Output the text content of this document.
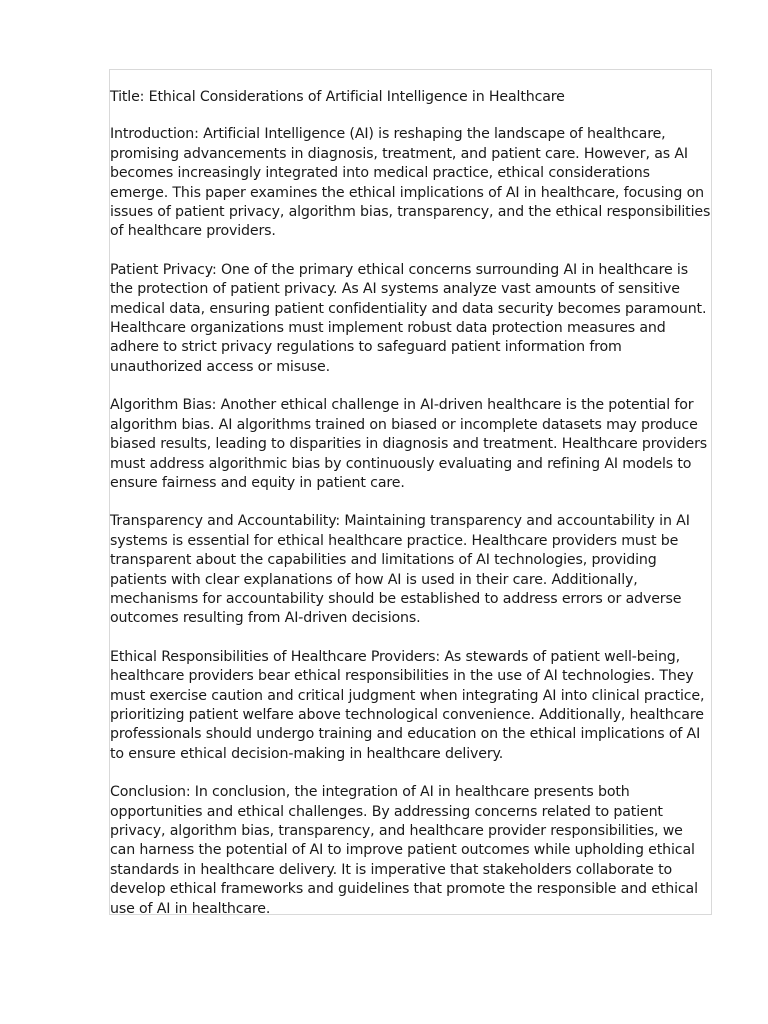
Title: Ethical Considerations of Artificial Intelligence in Healthcare

Introduction: Artificial Intelligence (AI) is reshaping the landscape of healthcare, promising advancements in diagnosis, treatment, and patient care. However, as AI becomes increasingly integrated into medical practice, ethical considerations emerge. This paper examines the ethical implications of AI in healthcare, focusing on issues of patient privacy, algorithm bias, transparency, and the ethical responsibilities of healthcare providers.

Patient Privacy: One of the primary ethical concerns surrounding AI in healthcare is the protection of patient privacy. As AI systems analyze vast amounts of sensitive medical data, ensuring patient confidentiality and data security becomes paramount. Healthcare organizations must implement robust data protection measures and adhere to strict privacy regulations to safeguard patient information from unauthorized access or misuse.

Algorithm Bias: Another ethical challenge in AI-driven healthcare is the potential for algorithm bias. AI algorithms trained on biased or incomplete datasets may produce biased results, leading to disparities in diagnosis and treatment. Healthcare providers must address algorithmic bias by continuously evaluating and refining AI models to ensure fairness and equity in patient care.

Transparency and Accountability: Maintaining transparency and accountability in AI systems is essential for ethical healthcare practice. Healthcare providers must be transparent about the capabilities and limitations of AI technologies, providing patients with clear explanations of how AI is used in their care. Additionally, mechanisms for accountability should be established to address errors or adverse outcomes resulting from AI-driven decisions.

Ethical Responsibilities of Healthcare Providers: As stewards of patient well-being, healthcare providers bear ethical responsibilities in the use of AI technologies. They must exercise caution and critical judgment when integrating AI into clinical practice, prioritizing patient welfare above technological convenience. Additionally, healthcare professionals should undergo training and education on the ethical implications of AI to ensure ethical decision-making in healthcare delivery.

Conclusion: In conclusion, the integration of AI in healthcare presents both opportunities and ethical challenges. By addressing concerns related to patient privacy, algorithm bias, transparency, and healthcare provider responsibilities, we can harness the potential of AI to improve patient outcomes while upholding ethical standards in healthcare delivery. It is imperative that stakeholders collaborate to develop ethical frameworks and guidelines that promote the responsible and ethical use of AI in healthcare.
